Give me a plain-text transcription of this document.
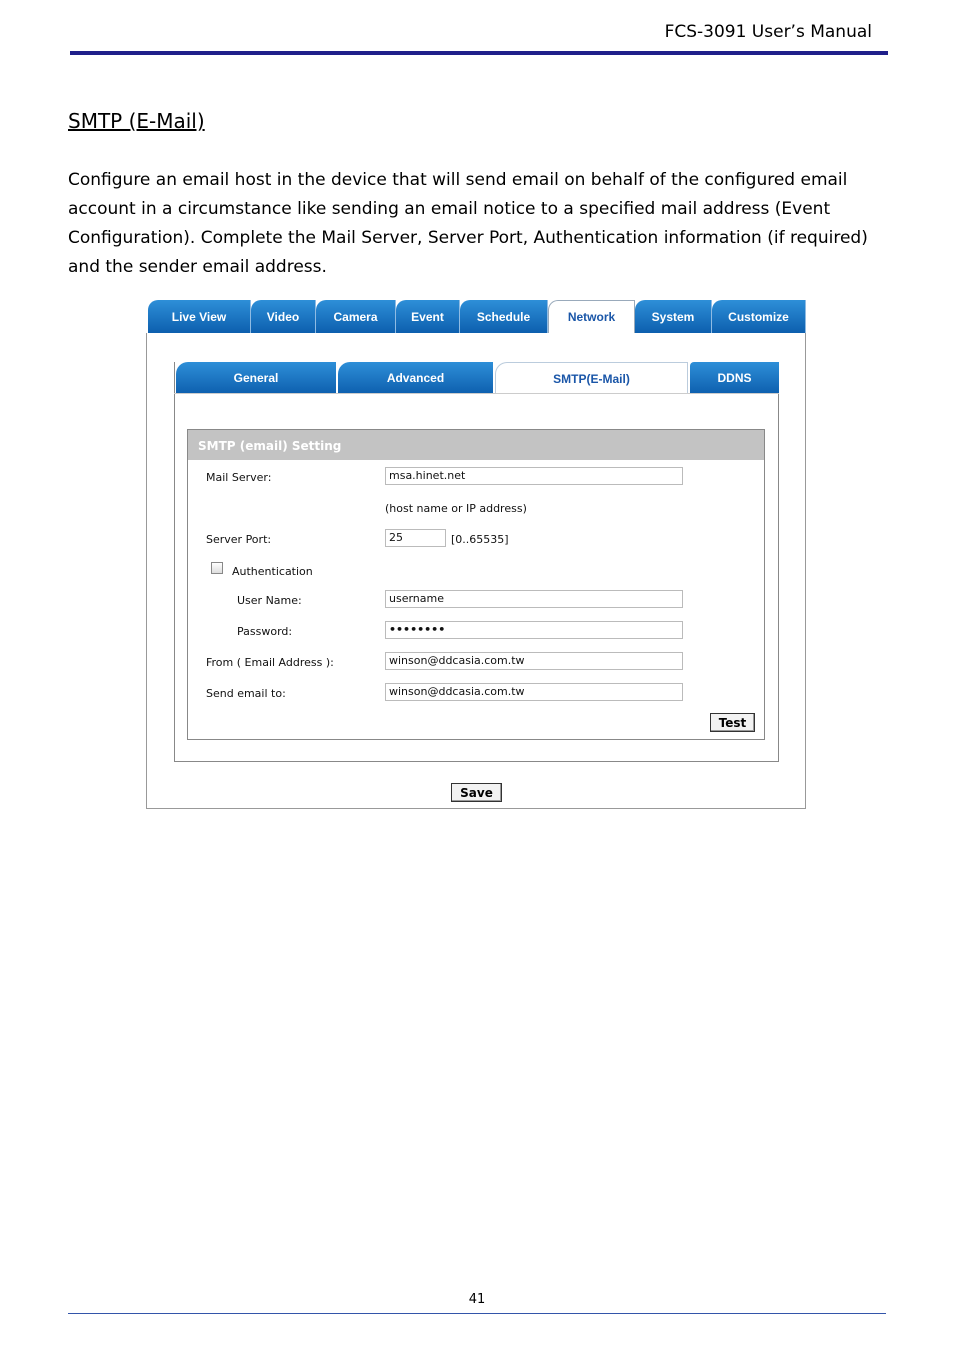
FCS-3091 User’s Manual
SMTP (E-Mail)

Configure an email host in the device that will send email on behalf of the configured email account in a circumstance like sending an email notice to a specified mail address (Event Configuration). Complete the Mail Server, Server Port, Authentication information (if required) and the sender email address.

Live View	Video	Camera	Event	Schedule	Network	System	Customize
General	Advanced	SMTP(E-Mail)	DDNS
SMTP (email) Setting
Mail Server:	msa.hinet.net
(host name or IP address)
Server Port:	25	[0..65535]
Authentication
User Name:	username
Password:	••••••••
From ( Email Address ):	winson@ddcasia.com.tw
Send email to:	winson@ddcasia.com.tw
Test
Save
41
